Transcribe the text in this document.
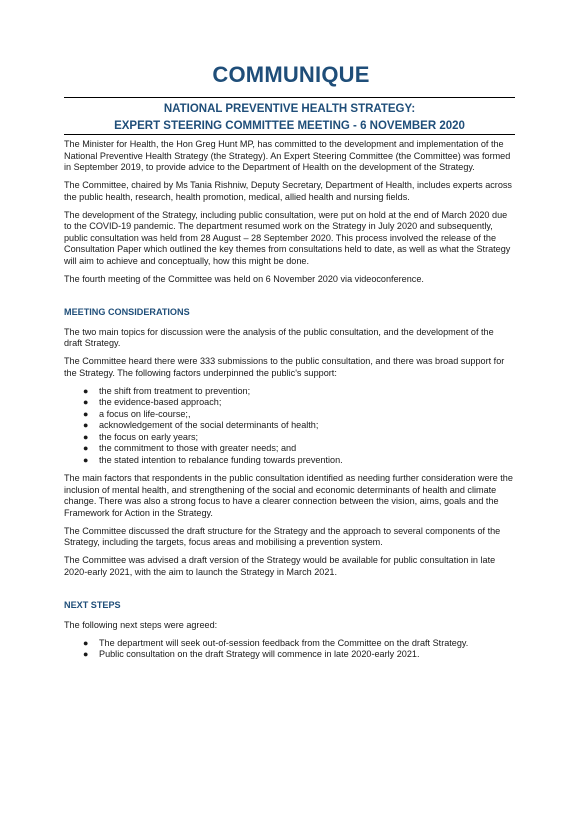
COMMUNIQUE
NATIONAL PREVENTIVE HEALTH STRATEGY:
EXPERT STEERING COMMITTEE MEETING - 6 NOVEMBER 2020

The Minister for Health, the Hon Greg Hunt MP, has committed to the development and implementation of the National Preventive Health Strategy (the Strategy). An Expert Steering Committee (the Committee) was formed in September 2019, to provide advice to the Department of Health on the development of the Strategy.

The Committee, chaired by Ms Tania Rishniw, Deputy Secretary, Department of Health, includes experts across the public health, research, health promotion, medical, allied health and nursing fields.

The development of the Strategy, including public consultation, were put on hold at the end of March 2020 due to the COVID-19 pandemic. The department resumed work on the Strategy in July 2020 and subsequently, public consultation was held from 28 August – 28 September 2020. This process involved the release of the Consultation Paper which outlined the key themes from consultations held to date, as well as what the Strategy will aim to achieve and conceptually, how this might be done.

The fourth meeting of the Committee was held on 6 November 2020 via videoconference.

MEETING CONSIDERATIONS

The two main topics for discussion were the analysis of the public consultation, and the development of the draft Strategy.

The Committee heard there were 333 submissions to the public consultation, and there was broad support for the Strategy. The following factors underpinned the public's support:

● the shift from treatment to prevention;
● the evidence-based approach;
● a focus on life-course;,
● acknowledgement of the social determinants of health;
● the focus on early years;
● the commitment to those with greater needs; and
● the stated intention to rebalance funding towards prevention.

The main factors that respondents in the public consultation identified as needing further consideration were the inclusion of mental health, and strengthening of the social and economic determinants of health and climate change. There was also a strong focus to have a clearer connection between the vision, aims, goals and the Framework for Action in the Strategy.

The Committee discussed the draft structure for the Strategy and the approach to several components of the Strategy, including the targets, focus areas and mobilising a prevention system.

The Committee was advised a draft version of the Strategy would be available for public consultation in late 2020-early 2021, with the aim to launch the Strategy in March 2021.

NEXT STEPS

The following next steps were agreed:

● The department will seek out-of-session feedback from the Committee on the draft Strategy.
● Public consultation on the draft Strategy will commence in late 2020-early 2021.
